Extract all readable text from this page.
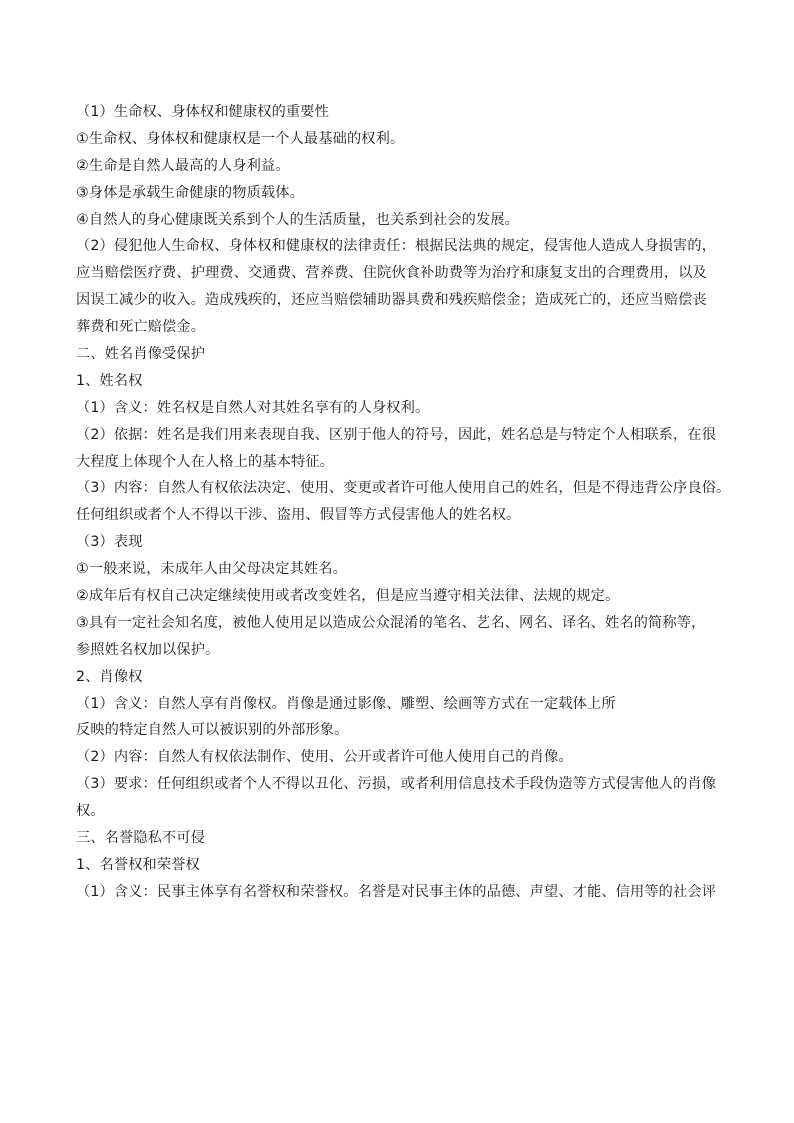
（1）生命权、身体权和健康权的重要性
①生命权、身体权和健康权是一个人最基础的权利。
②生命是自然人最高的人身利益。
③身体是承载生命健康的物质载体。
④自然人的身心健康既关系到个人的生活质量，也关系到社会的发展。
（2）侵犯他人生命权、身体权和健康权的法律责任：根据民法典的规定，侵害他人造成人身损害的，
应当赔偿医疗费、护理费、交通费、营养费、住院伙食补助费等为治疗和康复支出的合理费用，以及
因误工减少的收入。造成残疾的，还应当赔偿辅助器具费和残疾赔偿金；造成死亡的，还应当赔偿丧
葬费和死亡赔偿金。
二、姓名肖像受保护
1、姓名权
（1）含义：姓名权是自然人对其姓名享有的人身权利。
（2）依据：姓名是我们用来表现自我、区别于他人的符号，因此，姓名总是与特定个人相联系，在很
大程度上体现个人在人格上的基本特征。
（3）内容：自然人有权依法决定、使用、变更或者许可他人使用自己的姓名，但是不得违背公序良俗。
任何组织或者个人不得以干涉、盗用、假冒等方式侵害他人的姓名权。
（3）表现
①一般来说，未成年人由父母决定其姓名。
②成年后有权自己决定继续使用或者改变姓名，但是应当遵守相关法律、法规的规定。
③具有一定社会知名度，被他人使用足以造成公众混淆的笔名、艺名、网名、译名、姓名的简称等，
参照姓名权加以保护。
2、肖像权
（1）含义：自然人享有肖像权。肖像是通过影像、雕塑、绘画等方式在一定载体上所
反映的特定自然人可以被识别的外部形象。
（2）内容：自然人有权依法制作、使用、公开或者许可他人使用自己的肖像。
（3）要求：任何组织或者个人不得以丑化、污损，或者利用信息技术手段伪造等方式侵害他人的肖像
权。
三、名誉隐私不可侵
1、名誉权和荣誉权
（1）含义：民事主体享有名誉权和荣誉权。名誉是对民事主体的品德、声望、才能、信用等的社会评
